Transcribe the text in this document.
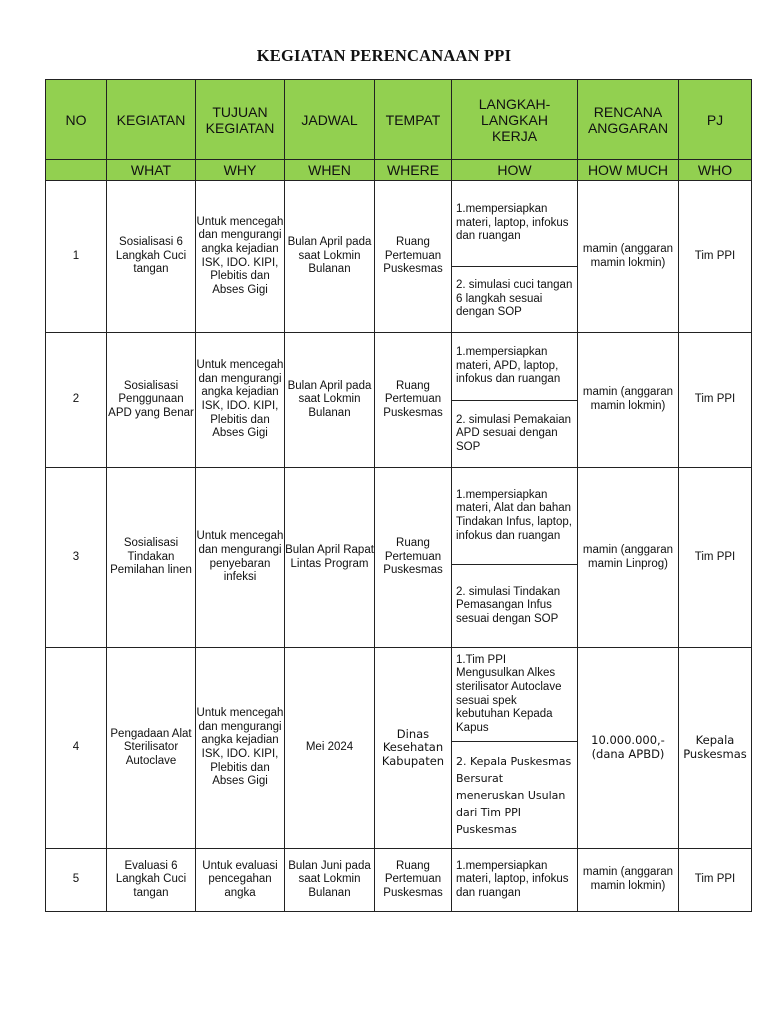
KEGIATAN PERENCANAAN PPI
NO	KEGIATAN	TUJUAN KEGIATAN	JADWAL	TEMPAT	LANGKAH-LANGKAH KERJA	RENCANA ANGGARAN	PJ
	WHAT	WHY	WHEN	WHERE	HOW	HOW MUCH	WHO
1	Sosialisasi 6 Langkah Cuci tangan	Untuk mencegah dan mengurangi angka kejadian ISK, IDO. KIPI, Plebitis dan Abses Gigi	Bulan April pada saat Lokmin Bulanan	Ruang Pertemuan Puskesmas	1.mempersiapkan materi, laptop, infokus dan ruangan
2. simulasi cuci tangan 6 langkah sesuai dengan SOP	mamin (anggaran mamin lokmin)	Tim PPI
2	Sosialisasi Penggunaan APD yang Benar	Untuk mencegah dan mengurangi angka kejadian ISK, IDO. KIPI, Plebitis dan Abses Gigi	Bulan April pada saat Lokmin Bulanan	Ruang Pertemuan Puskesmas	1.mempersiapkan materi, APD, laptop, infokus dan ruangan
2. simulasi Pemakaian APD sesuai dengan SOP	mamin (anggaran mamin lokmin)	Tim PPI
3	Sosialisasi Tindakan Pemilahan linen	Untuk mencegah dan mengurangi penyebaran infeksi	Bulan April Rapat Lintas Program	Ruang Pertemuan Puskesmas	1.mempersiapkan materi, Alat dan bahan Tindakan Infus, laptop, infokus dan ruangan
2. simulasi Tindakan Pemasangan Infus sesuai dengan SOP	mamin (anggaran mamin Linprog)	Tim PPI
4	Pengadaan Alat Sterilisator Autoclave	Untuk mencegah dan mengurangi angka kejadian ISK, IDO. KIPI, Plebitis dan Abses Gigi	Mei 2024	Dinas Kesehatan Kabupaten	1.Tim PPI Mengusulkan Alkes sterilisator Autoclave sesuai spek kebutuhan Kepada Kapus
2. Kepala Puskesmas Bersurat meneruskan Usulan dari Tim PPI Puskesmas	10.000.000,- (dana APBD)	Kepala Puskesmas
5	Evaluasi 6 Langkah Cuci tangan	Untuk evaluasi pencegahan angka	Bulan Juni pada saat Lokmin Bulanan	Ruang Pertemuan Puskesmas	1.mempersiapkan materi, laptop, infokus dan ruangan	mamin (anggaran mamin lokmin)	Tim PPI
